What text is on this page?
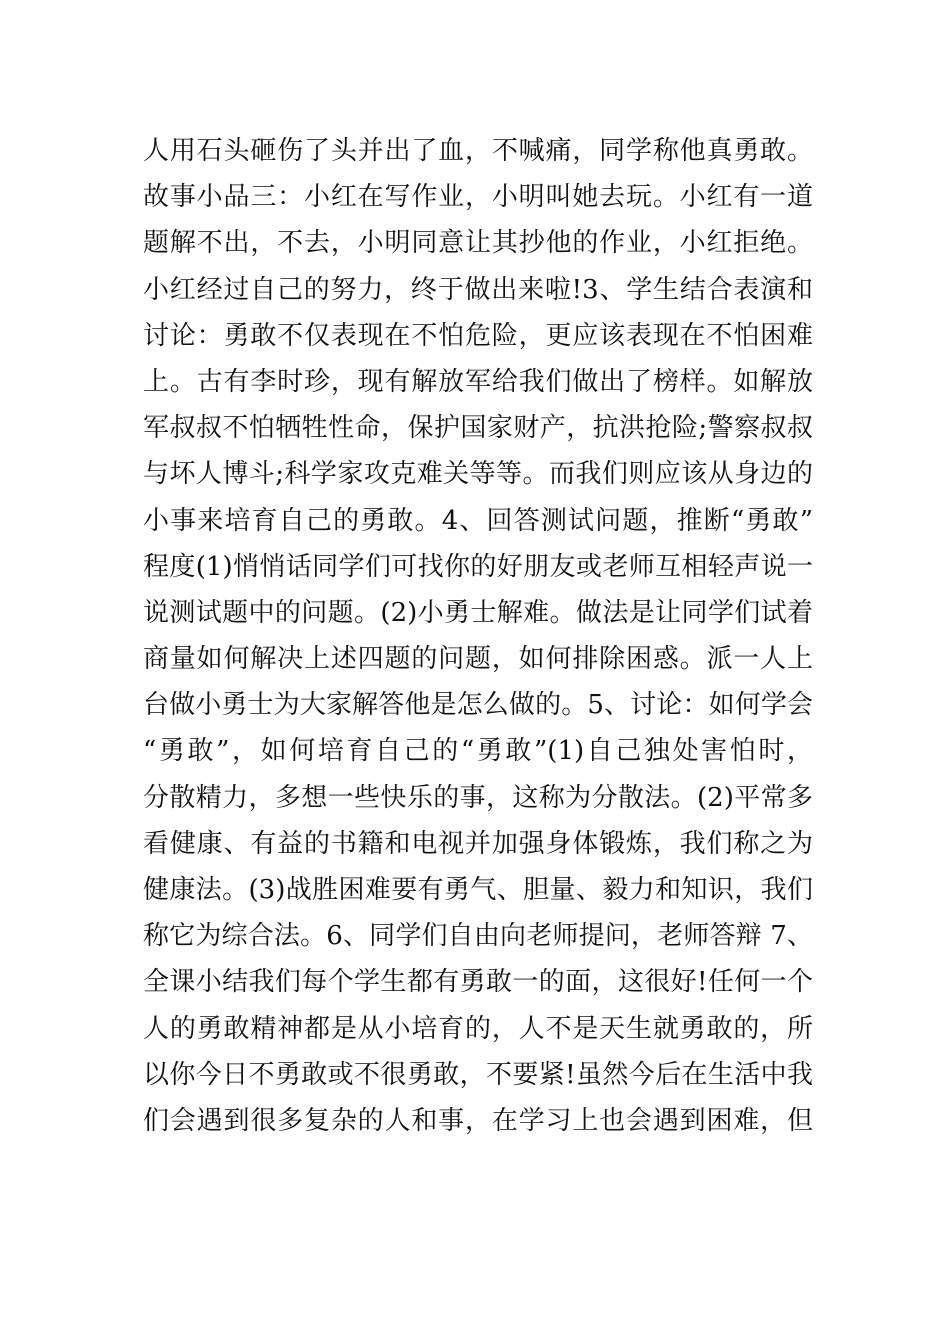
人用石头砸伤了头并出了血，不喊痛，同学称他真勇敢。
故事小品三：小红在写作业，小明叫她去玩。小红有一道
题解不出，不去，小明同意让其抄他的作业，小红拒绝。
小红经过自己的努力，终于做出来啦!3、学生结合表演和
讨论：勇敢不仅表现在不怕危险，更应该表现在不怕困难
上。古有李时珍，现有解放军给我们做出了榜样。如解放
军叔叔不怕牺牲性命，保护国家财产，抗洪抢险;警察叔叔
与坏人博斗;科学家攻克难关等等。而我们则应该从身边的
小事来培育自己的勇敢。4、回答测试问题，推断“勇敢”
程度(1)悄悄话同学们可找你的好朋友或老师互相轻声说一
说测试题中的问题。(2)小勇士解难。做法是让同学们试着
商量如何解决上述四题的问题，如何排除困惑。派一人上
台做小勇士为大家解答他是怎么做的。5、讨论：如何学会
“勇敢”，如何培育自己的“勇敢”(1)自己独处害怕时，
分散精力，多想一些快乐的事，这称为分散法。(2)平常多
看健康、有益的书籍和电视并加强身体锻炼，我们称之为
健康法。(3)战胜困难要有勇气、胆量、毅力和知识，我们
称它为综合法。6、同学们自由向老师提问，老师答辩 7、
全课小结我们每个学生都有勇敢一的面，这很好!任何一个
人的勇敢精神都是从小培育的，人不是天生就勇敢的，所
以你今日不勇敢或不很勇敢，不要紧!虽然今后在生活中我
们会遇到很多复杂的人和事，在学习上也会遇到困难，但
